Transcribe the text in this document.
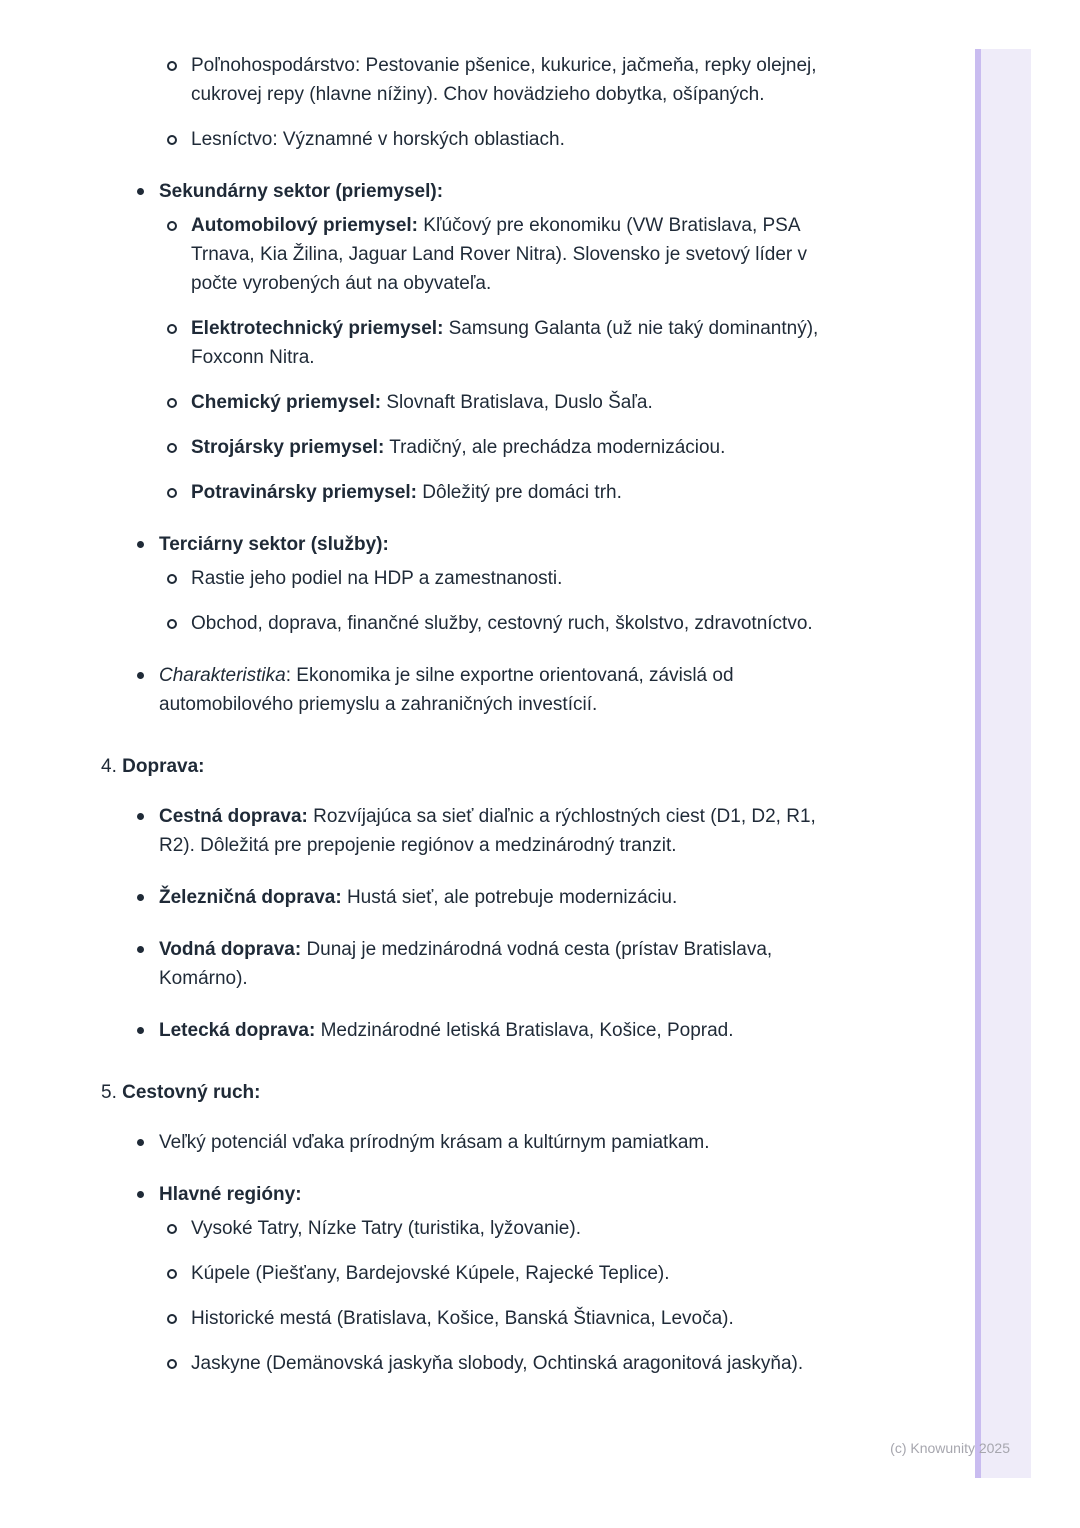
Poľnohospodárstvo: Pestovanie pšenice, kukurice, jačmeňa, repky olejnej, cukrovej repy (hlavne nížiny). Chov hovädzieho dobytka, ošípaných.
Lesníctvo: Významné v horských oblastiach.
Sekundárny sektor (priemysel):
Automobilový priemysel: Kľúčový pre ekonomiku (VW Bratislava, PSA Trnava, Kia Žilina, Jaguar Land Rover Nitra). Slovensko je svetový líder v počte vyrobených áut na obyvateľa.
Elektrotechnický priemysel: Samsung Galanta (už nie taký dominantný), Foxconn Nitra.
Chemický priemysel: Slovnaft Bratislava, Duslo Šaľa.
Strojársky priemysel: Tradičný, ale prechádza modernizáciou.
Potravinársky priemysel: Dôležitý pre domáci trh.
Terciárny sektor (služby):
Rastie jeho podiel na HDP a zamestnanosti.
Obchod, doprava, finančné služby, cestovný ruch, školstvo, zdravotníctvo.
Charakteristika: Ekonomika je silne exportne orientovaná, závislá od automobilového priemyslu a zahraničných investícií.
4. Doprava:
Cestná doprava: Rozvíjajúca sa sieť diaľnic a rýchlostných ciest (D1, D2, R1, R2). Dôležitá pre prepojenie regiónov a medzinárodný tranzit.
Železničná doprava: Hustá sieť, ale potrebuje modernizáciu.
Vodná doprava: Dunaj je medzinárodná vodná cesta (prístav Bratislava, Komárno).
Letecká doprava: Medzinárodné letiská Bratislava, Košice, Poprad.
5. Cestovný ruch:
Veľký potenciál vďaka prírodným krásam a kultúrnym pamiatkam.
Hlavné regióny:
Vysoké Tatry, Nízke Tatry (turistika, lyžovanie).
Kúpele (Piešťany, Bardejovské Kúpele, Rajecké Teplice).
Historické mestá (Bratislava, Košice, Banská Štiavnica, Levoča).
Jaskyne (Demänovská jaskyňa slobody, Ochtinská aragonitová jaskyňa).
(c) Knowunity 2025
